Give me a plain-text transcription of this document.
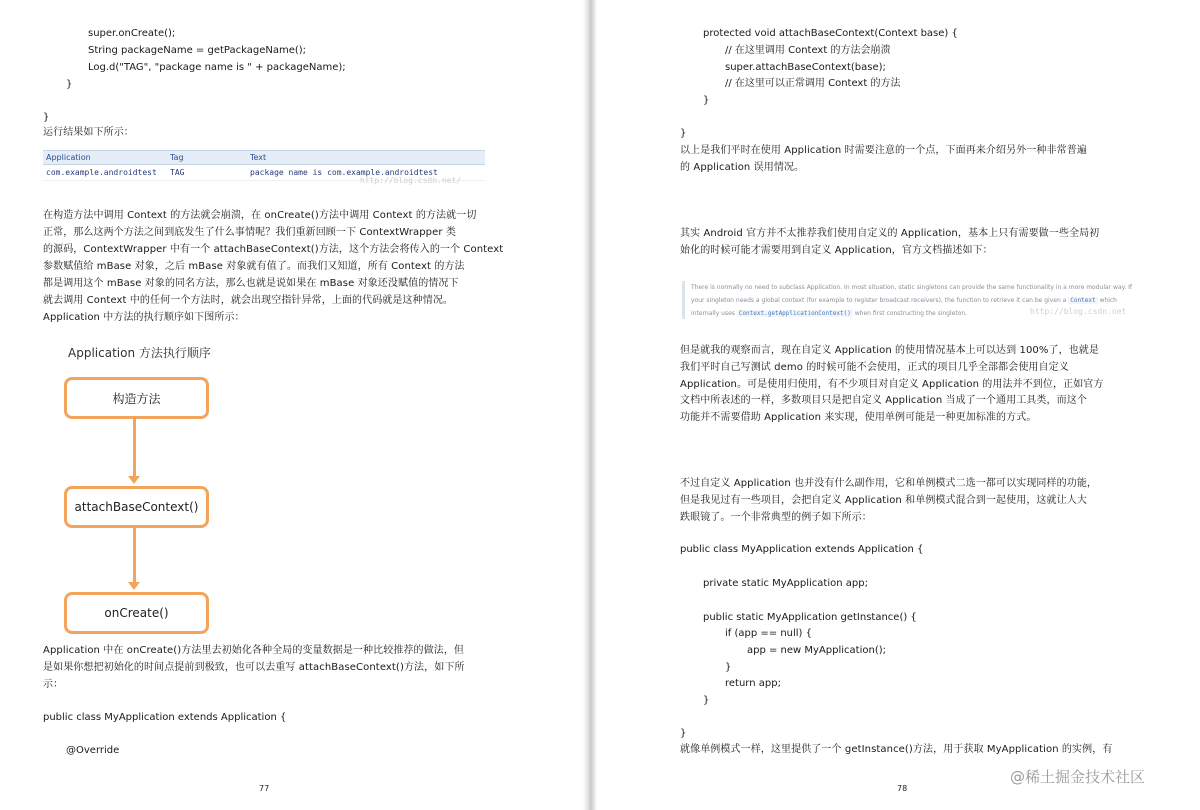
super.onCreate();
String packageName = getPackageName();
Log.d("TAG", "package name is " + packageName);
}
}
运行结果如下所示：
Application	Tag	Text
com.example.androidtest	TAG	package name is com.example.androidtest
http://blog.csdn.net/
在构造方法中调用 Context 的方法就会崩溃，在 onCreate()方法中调用 Context 的方法就一切
正常，那么这两个方法之间到底发生了什么事情呢？我们重新回顾一下 ContextWrapper 类
的源码，ContextWrapper 中有一个 attachBaseContext()方法，这个方法会将传入的一个 Context
参数赋值给 mBase 对象，之后 mBase 对象就有值了。而我们又知道，所有 Context 的方法
都是调用这个 mBase 对象的同名方法，那么也就是说如果在 mBase 对象还没赋值的情况下
就去调用 Context 中的任何一个方法时，就会出现空指针异常，上面的代码就是这种情况。
Application 中方法的执行顺序如下图所示：
Application 方法执行顺序
构造方法
attachBaseContext()
onCreate()
Application 中在 onCreate()方法里去初始化各种全局的变量数据是一种比较推荐的做法，但
是如果你想把初始化的时间点提前到极致，也可以去重写 attachBaseContext()方法，如下所
示：
public class MyApplication extends Application {
@Override
77
protected void attachBaseContext(Context base) {
// 在这里调用 Context 的方法会崩溃
super.attachBaseContext(base);
// 在这里可以正常调用 Context 的方法
}
}
以上是我们平时在使用 Application 时需要注意的一个点，下面再来介绍另外一种非常普遍
的 Application 误用情况。
其实 Android 官方并不太推荐我们使用自定义的 Application，基本上只有需要做一些全局初
始化的时候可能才需要用到自定义 Application，官方文档描述如下：
There is normally no need to subclass Application. In most situation, static singletons can provide the same functionality in a more modular way. If
your singleton needs a global context (for example to register broadcast receivers), the function to retrieve it can be given a Context which
internally uses Context.getApplicationContext() when first constructing the singleton.	http://blog.csdn.net
但是就我的观察而言，现在自定义 Application 的使用情况基本上可以达到 100%了，也就是
我们平时自己写测试 demo 的时候可能不会使用，正式的项目几乎全部都会使用自定义
Application。可是使用归使用，有不少项目对自定义 Application 的用法并不到位，正如官方
文档中所表述的一样，多数项目只是把自定义 Application 当成了一个通用工具类，而这个
功能并不需要借助 Application 来实现，使用单例可能是一种更加标准的方式。
不过自定义 Application 也并没有什么副作用，它和单例模式二选一都可以实现同样的功能，
但是我见过有一些项目，会把自定义 Application 和单例模式混合到一起使用，这就让人大
跌眼镜了。一个非常典型的例子如下所示：
public class MyApplication extends Application {
private static MyApplication app;
public static MyApplication getInstance() {
if (app == null) {
app = new MyApplication();
}
return app;
}
}
就像单例模式一样，这里提供了一个 getInstance()方法，用于获取 MyApplication 的实例，有
78
@稀土掘金技术社区
